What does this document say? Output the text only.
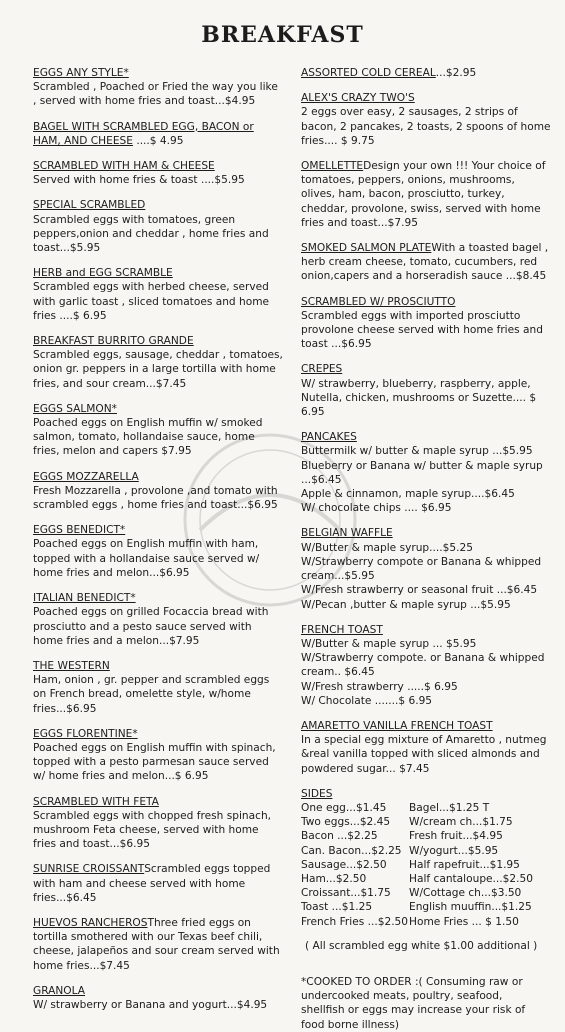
BREAKFAST
EGGS ANY STYLE*
Scrambled , Poached or Fried the way you like , served with home fries and toast...$4.95
BAGEL WITH SCRAMBLED EGG, BACON or HAM, AND CHEESE ....$ 4.95
SCRAMBLED WITH HAM & CHEESE
Served with home fries & toast ....$5.95
SPECIAL SCRAMBLED
Scrambled eggs with tomatoes, green peppers,onion and cheddar , home fries and toast...$5.95
HERB and EGG SCRAMBLE
Scrambled eggs with herbed cheese, served with garlic toast , sliced tomatoes and home fries ....$ 6.95
BREAKFAST BURRITO GRANDE
Scrambled eggs, sausage, cheddar , tomatoes, onion gr. peppers in a large tortilla with home fries, and sour cream...$7.45
EGGS SALMON*
Poached eggs on English muffin w/ smoked salmon, tomato, hollandaise sauce, home fries, melon and capers $7.95
EGGS MOZZARELLA
Fresh Mozzarella , provolone ,and tomato with scrambled eggs , home fries and toast...$6.95
EGGS BENEDICT*
Poached eggs on English muffin with ham, topped with a hollandaise sauce served w/ home fries and melon...$6.95
ITALIAN BENEDICT*
Poached eggs on grilled Focaccia bread with prosciutto and a pesto sauce served with home fries and a melon...$7.95
THE WESTERN
Ham, onion , gr. pepper and scrambled eggs on French bread, omelette style, w/home fries...$6.95
EGGS FLORENTINE*
Poached eggs on English muffin with spinach, topped with a pesto parmesan sauce served w/ home fries and melon...$ 6.95
SCRAMBLED WITH FETA
Scrambled eggs with chopped fresh spinach, mushroom Feta cheese, served with home fries and toast...$6.95
SUNRISE CROISSANTScrambled eggs topped with ham and cheese served with home fries...$6.45
HUEVOS RANCHEROSThree fried eggs on tortilla smothered with our Texas beef chili, cheese, jalapeños and sour cream served with home fries...$7.45
GRANOLA
W/ strawberry or Banana and yogurt...$4.95
ASSORTED COLD CEREAL...$2.95
ALEX'S CRAZY TWO'S
2 eggs over easy, 2 sausages, 2 strips of bacon, 2 pancakes, 2 toasts, 2 spoons of home fries.... $ 9.75
OMELLETTEDesign your own !!! Your choice of tomatoes, peppers, onions, mushrooms, olives, ham, bacon, prosciutto, turkey, cheddar, provolone, swiss, served with home fries and toast...$7.95
SMOKED SALMON PLATEWith a toasted bagel , herb cream cheese, tomato, cucumbers, red onion,capers and a horseradish sauce ...$8.45
SCRAMBLED W/ PROSCIUTTO
Scrambled eggs with imported prosciutto provolone cheese served with home fries and toast ...$6.95
CREPES
W/ strawberry, blueberry, raspberry, apple, Nutella, chicken, mushrooms or Suzette.... $ 6.95
PANCAKES
Buttermilk w/ butter & maple syrup ...$5.95
Blueberry or Banana w/ butter & maple syrup ...$6.45
Apple & cinnamon, maple syrup....$6.45
W/ chocolate chips .... $6.95
BELGIAN WAFFLE
W/Butter & maple syrup....$5.25
W/Strawberry compote or Banana & whipped cream...$5.95
W/Fresh strawberry or seasonal fruit ...$6.45
W/Pecan ,butter & maple syrup ...$5.95
FRENCH TOAST
W/Butter & maple syrup ... $5.95
W/Strawberry compote. or Banana & whipped cream.. $6.45
W/Fresh strawberry .....$ 6.95
W/ Chocolate .......$ 6.95
AMARETTO VANILLA FRENCH TOAST
In a special egg mixture of Amaretto , nutmeg &real vanilla topped with sliced almonds and powdered sugar... $7.45
SIDES
One egg...$1.45	Bagel...$1.25 T
Two eggs...$2.45	W/cream ch...$1.75
Bacon ...$2.25	Fresh fruit...$4.95
Can. Bacon...$2.25 W/yogurt...$5.95
Sausage...$2.50	Half rapefruit...$1.95
Ham...$2.50	Half cantaloupe...$2.50
Croissant...$1.75	W/Cottage ch...$3.50
Toast ...$1.25	English muuffin...$1.25
French Fries ...$2.50 Home Fries ... $ 1.50
( All scrambled egg white $1.00 additional )
*COOKED TO ORDER :( Consuming raw or undercooked meats, poultry, seafood, shellfish or eggs may increase your risk of food borne illness)
